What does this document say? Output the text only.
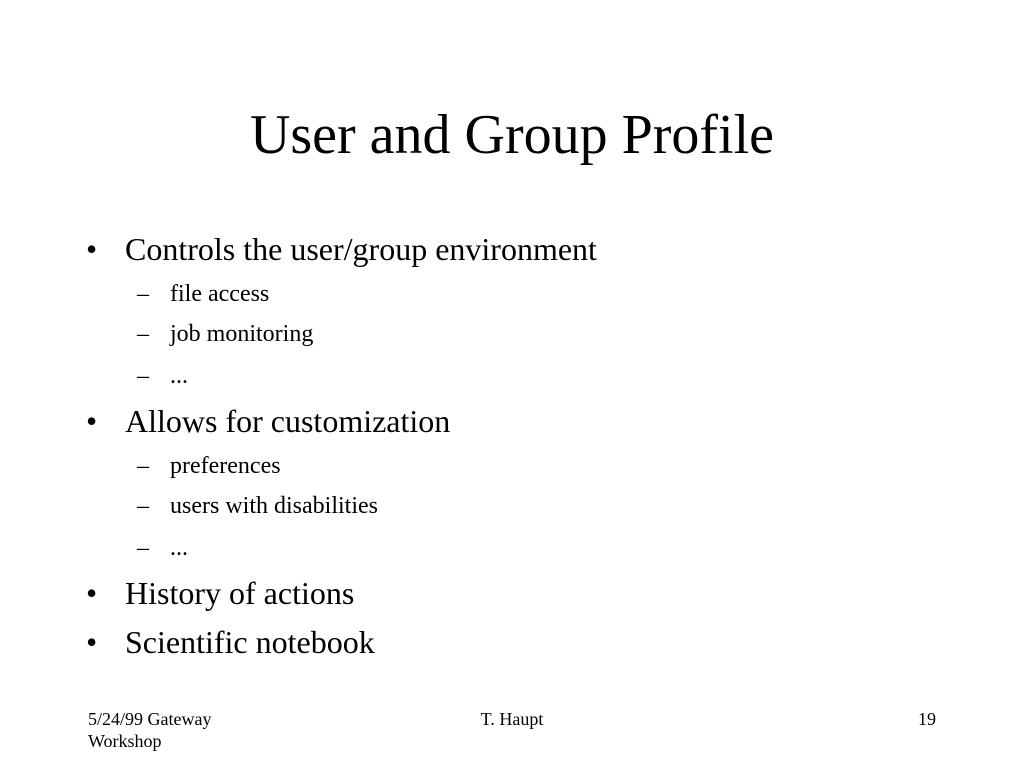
User and Group Profile
• Controls the user/group environment
– file access
– job monitoring
– ...
• Allows for customization
– preferences
– users with disabilities
– ...
• History of actions
• Scientific notebook
5/24/99 Gateway
Workshop
T. Haupt	19
